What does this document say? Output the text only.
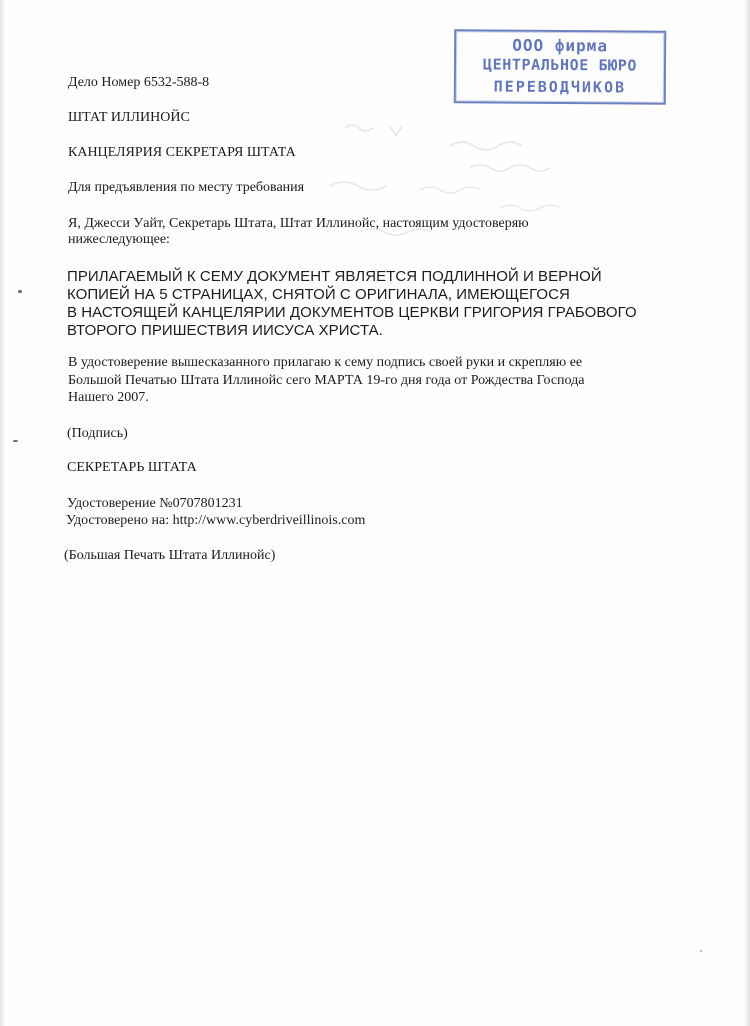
ООО фирма
ЦЕНТРАЛЬНОЕ БЮРО
ПЕРЕВОДЧИКОВ
Дело Номер 6532-588-8
ШТАТ ИЛЛИНОЙС
КАНЦЕЛЯРИЯ СЕКРЕТАРЯ ШТАТА
Для предъявления по месту требования
Я, Джесси Уайт, Секретарь Штата, Штат Иллинойс, настоящим удостоверяю
нижеследующее:
ПРИЛАГАЕМЫЙ К СЕМУ ДОКУМЕНТ ЯВЛЯЕТСЯ ПОДЛИННОЙ И ВЕРНОЙ
КОПИЕЙ НА 5 СТРАНИЦАХ, СНЯТОЙ С ОРИГИНАЛА, ИМЕЮЩЕГОСЯ
В НАСТОЯЩЕЙ КАНЦЕЛЯРИИ ДОКУМЕНТОВ ЦЕРКВИ ГРИГОРИЯ ГРАБОВОГО
ВТОРОГО ПРИШЕСТВИЯ ИИСУСА ХРИСТА.
В удостоверение вышесказанного прилагаю к сему подпись своей руки и скрепляю ее
Большой Печатью Штата Иллинойс сего МАРТА 19-го дня года от Рождества Господа
Нашего 2007.
(Подпись)
СЕКРЕТАРЬ ШТАТА
Удостоверение №0707801231
Удостоверено на: http://www.cyberdriveillinois.com
(Большая Печать Штата Иллинойс)
